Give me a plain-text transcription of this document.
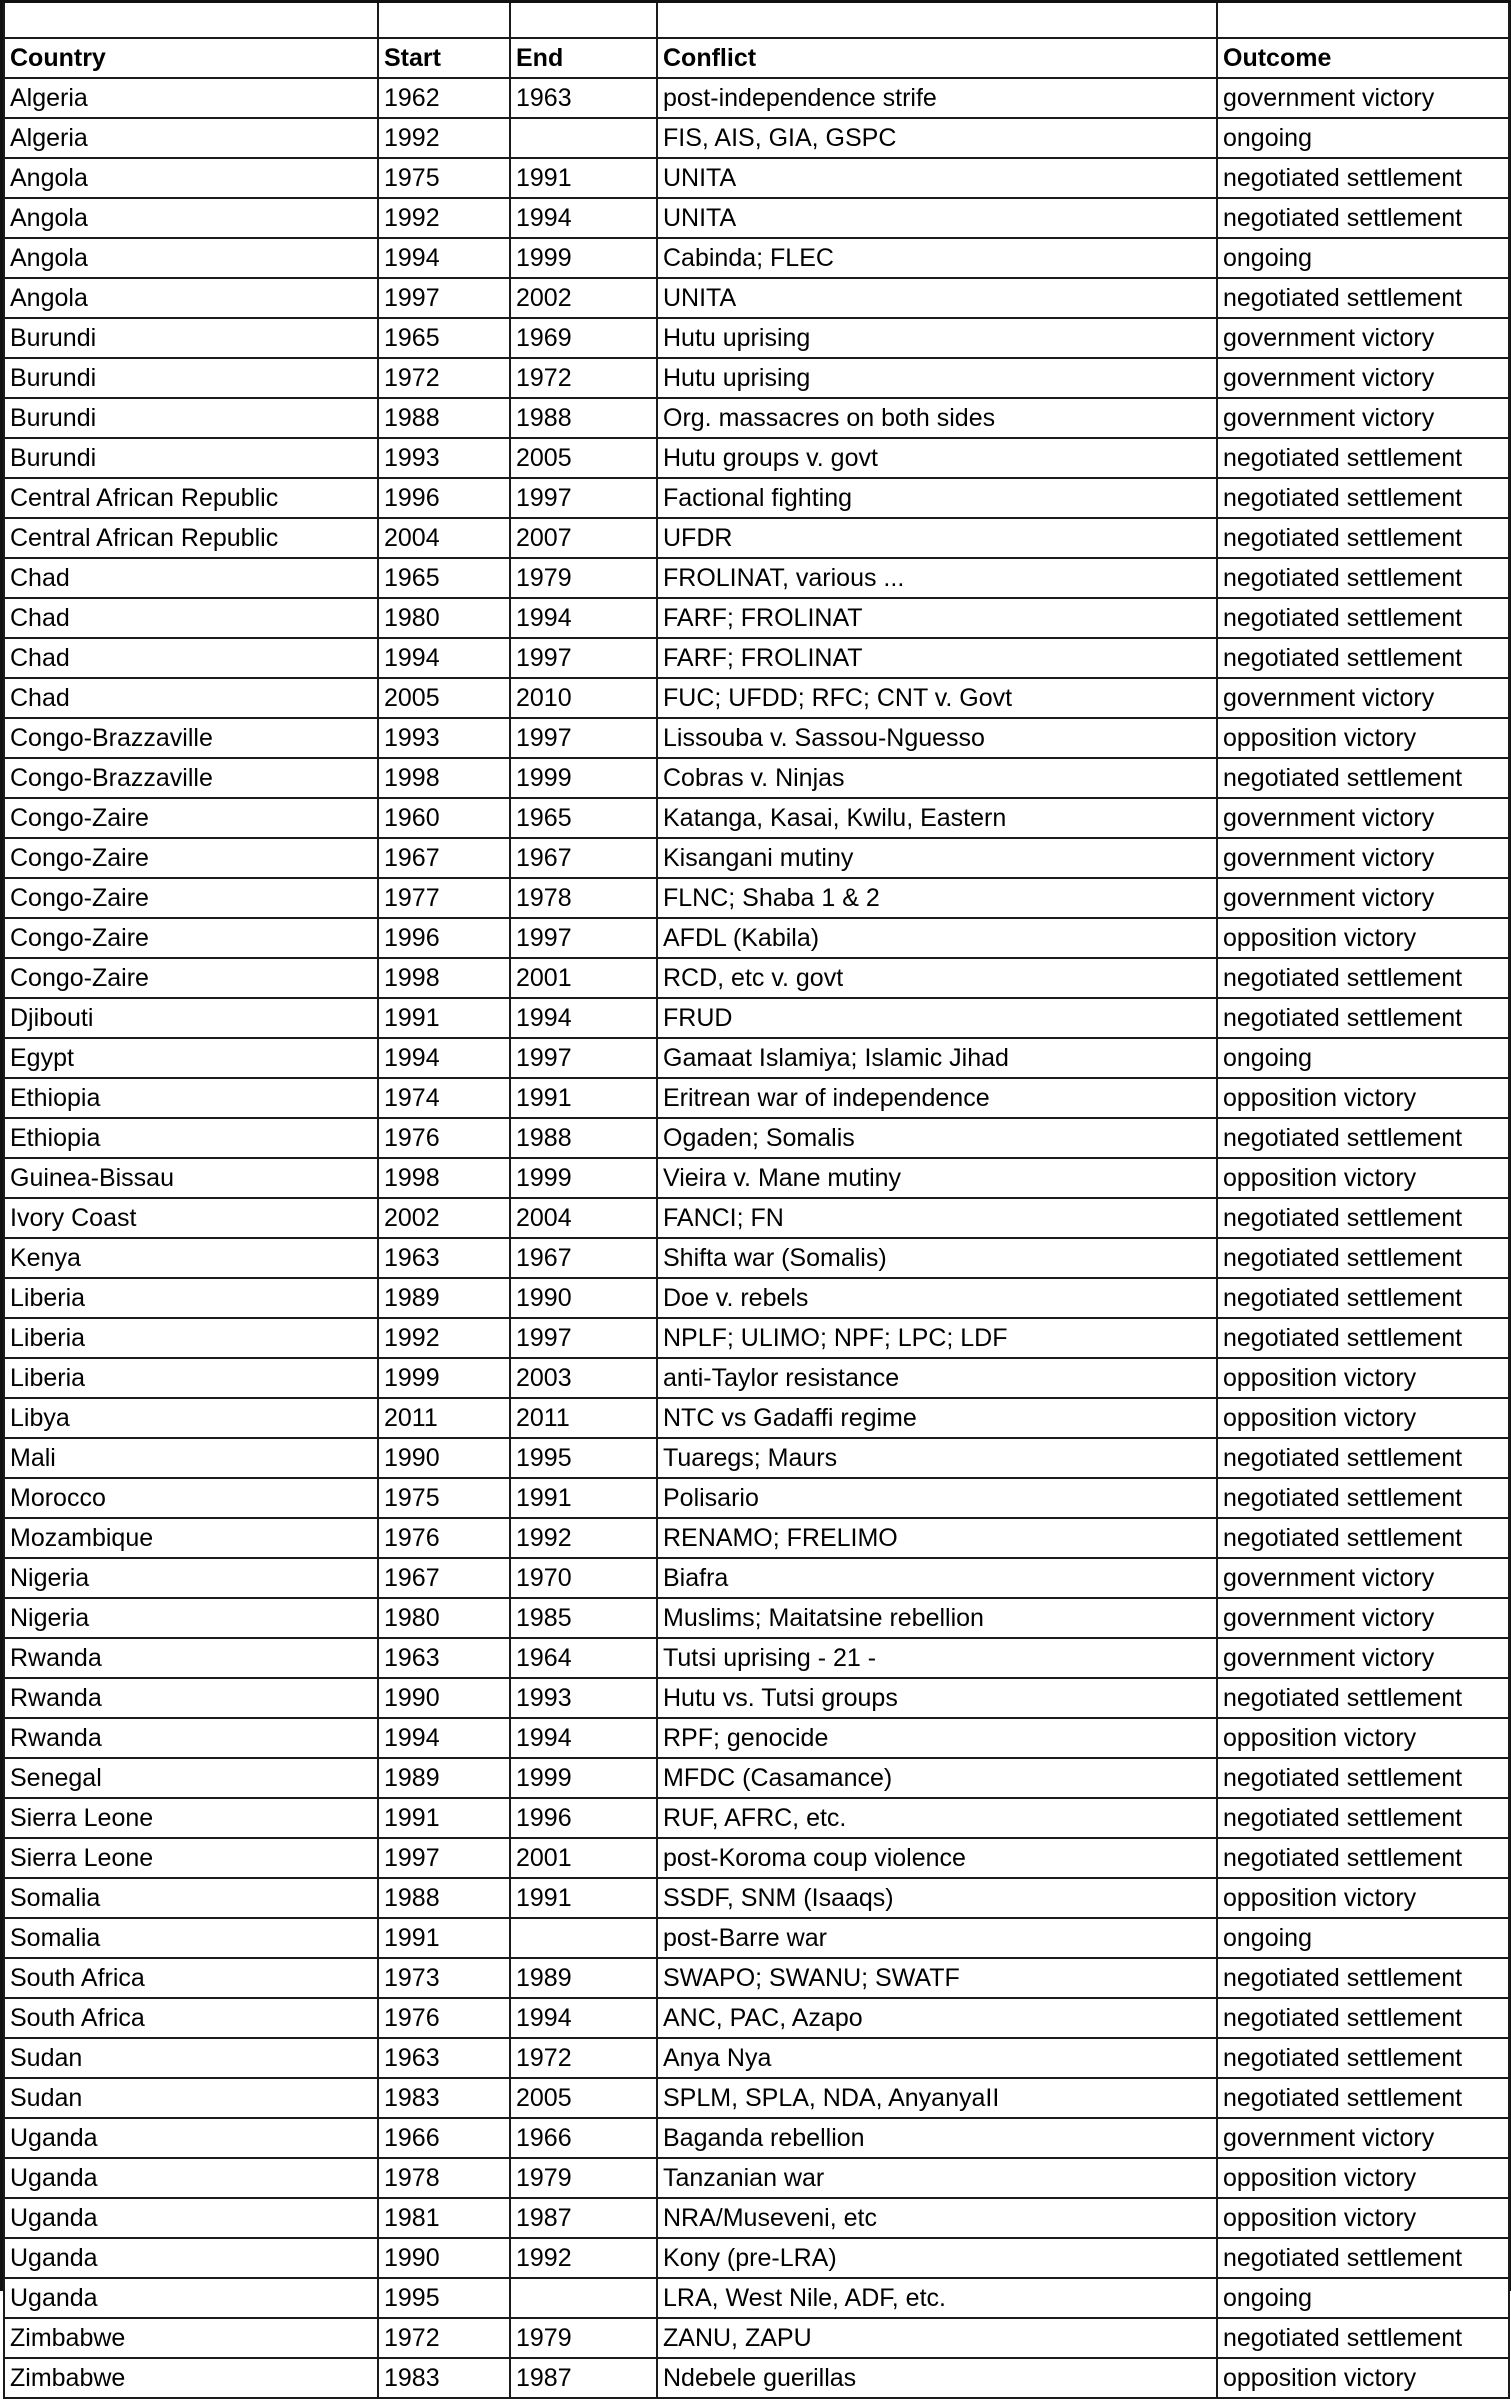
Country	Start	End	Conflict	Outcome
Algeria	1962	1963	post-independence strife	government victory
Algeria	1992		FIS, AIS, GIA, GSPC	ongoing
Angola	1975	1991	UNITA	negotiated settlement
Angola	1992	1994	UNITA	negotiated settlement
Angola	1994	1999	Cabinda; FLEC	ongoing
Angola	1997	2002	UNITA	negotiated settlement
Burundi	1965	1969	Hutu uprising	government victory
Burundi	1972	1972	Hutu uprising	government victory
Burundi	1988	1988	Org. massacres on both sides	government victory
Burundi	1993	2005	Hutu groups v. govt	negotiated settlement
Central African Republic	1996	1997	Factional fighting	negotiated settlement
Central African Republic	2004	2007	UFDR	negotiated settlement
Chad	1965	1979	FROLINAT, various ...	negotiated settlement
Chad	1980	1994	FARF; FROLINAT	negotiated settlement
Chad	1994	1997	FARF; FROLINAT	negotiated settlement
Chad	2005	2010	FUC; UFDD; RFC; CNT v. Govt	government victory
Congo-Brazzaville	1993	1997	Lissouba v. Sassou-Nguesso	opposition victory
Congo-Brazzaville	1998	1999	Cobras v. Ninjas	negotiated settlement
Congo-Zaire	1960	1965	Katanga, Kasai, Kwilu, Eastern	government victory
Congo-Zaire	1967	1967	Kisangani mutiny	government victory
Congo-Zaire	1977	1978	FLNC; Shaba 1 & 2	government victory
Congo-Zaire	1996	1997	AFDL (Kabila)	opposition victory
Congo-Zaire	1998	2001	RCD, etc v. govt	negotiated settlement
Djibouti	1991	1994	FRUD	negotiated settlement
Egypt	1994	1997	Gamaat Islamiya; Islamic Jihad	ongoing
Ethiopia	1974	1991	Eritrean war of independence	opposition victory
Ethiopia	1976	1988	Ogaden; Somalis	negotiated settlement
Guinea-Bissau	1998	1999	Vieira v. Mane mutiny	opposition victory
Ivory Coast	2002	2004	FANCI; FN	negotiated settlement
Kenya	1963	1967	Shifta war (Somalis)	negotiated settlement
Liberia	1989	1990	Doe v. rebels	negotiated settlement
Liberia	1992	1997	NPLF; ULIMO; NPF; LPC; LDF	negotiated settlement
Liberia	1999	2003	anti-Taylor resistance	opposition victory
Libya	2011	2011	NTC vs Gadaffi regime	opposition victory
Mali	1990	1995	Tuaregs; Maurs	negotiated settlement
Morocco	1975	1991	Polisario	negotiated settlement
Mozambique	1976	1992	RENAMO; FRELIMO	negotiated settlement
Nigeria	1967	1970	Biafra	government victory
Nigeria	1980	1985	Muslims; Maitatsine rebellion	government victory
Rwanda	1963	1964	Tutsi uprising - 21 -	government victory
Rwanda	1990	1993	Hutu vs. Tutsi groups	negotiated settlement
Rwanda	1994	1994	RPF; genocide	opposition victory
Senegal	1989	1999	MFDC (Casamance)	negotiated settlement
Sierra Leone	1991	1996	RUF, AFRC, etc.	negotiated settlement
Sierra Leone	1997	2001	post-Koroma coup violence	negotiated settlement
Somalia	1988	1991	SSDF, SNM (Isaaqs)	opposition victory
Somalia	1991		post-Barre war	ongoing
South Africa	1973	1989	SWAPO; SWANU; SWATF	negotiated settlement
South Africa	1976	1994	ANC, PAC, Azapo	negotiated settlement
Sudan	1963	1972	Anya Nya	negotiated settlement
Sudan	1983	2005	SPLM, SPLA, NDA, AnyanyaII	negotiated settlement
Uganda	1966	1966	Baganda rebellion	government victory
Uganda	1978	1979	Tanzanian war	opposition victory
Uganda	1981	1987	NRA/Museveni, etc	opposition victory
Uganda	1990	1992	Kony (pre-LRA)	negotiated settlement
Uganda	1995		LRA, West Nile, ADF, etc.	ongoing
Zimbabwe	1972	1979	ZANU, ZAPU	negotiated settlement
Zimbabwe	1983	1987	Ndebele guerillas	opposition victory
